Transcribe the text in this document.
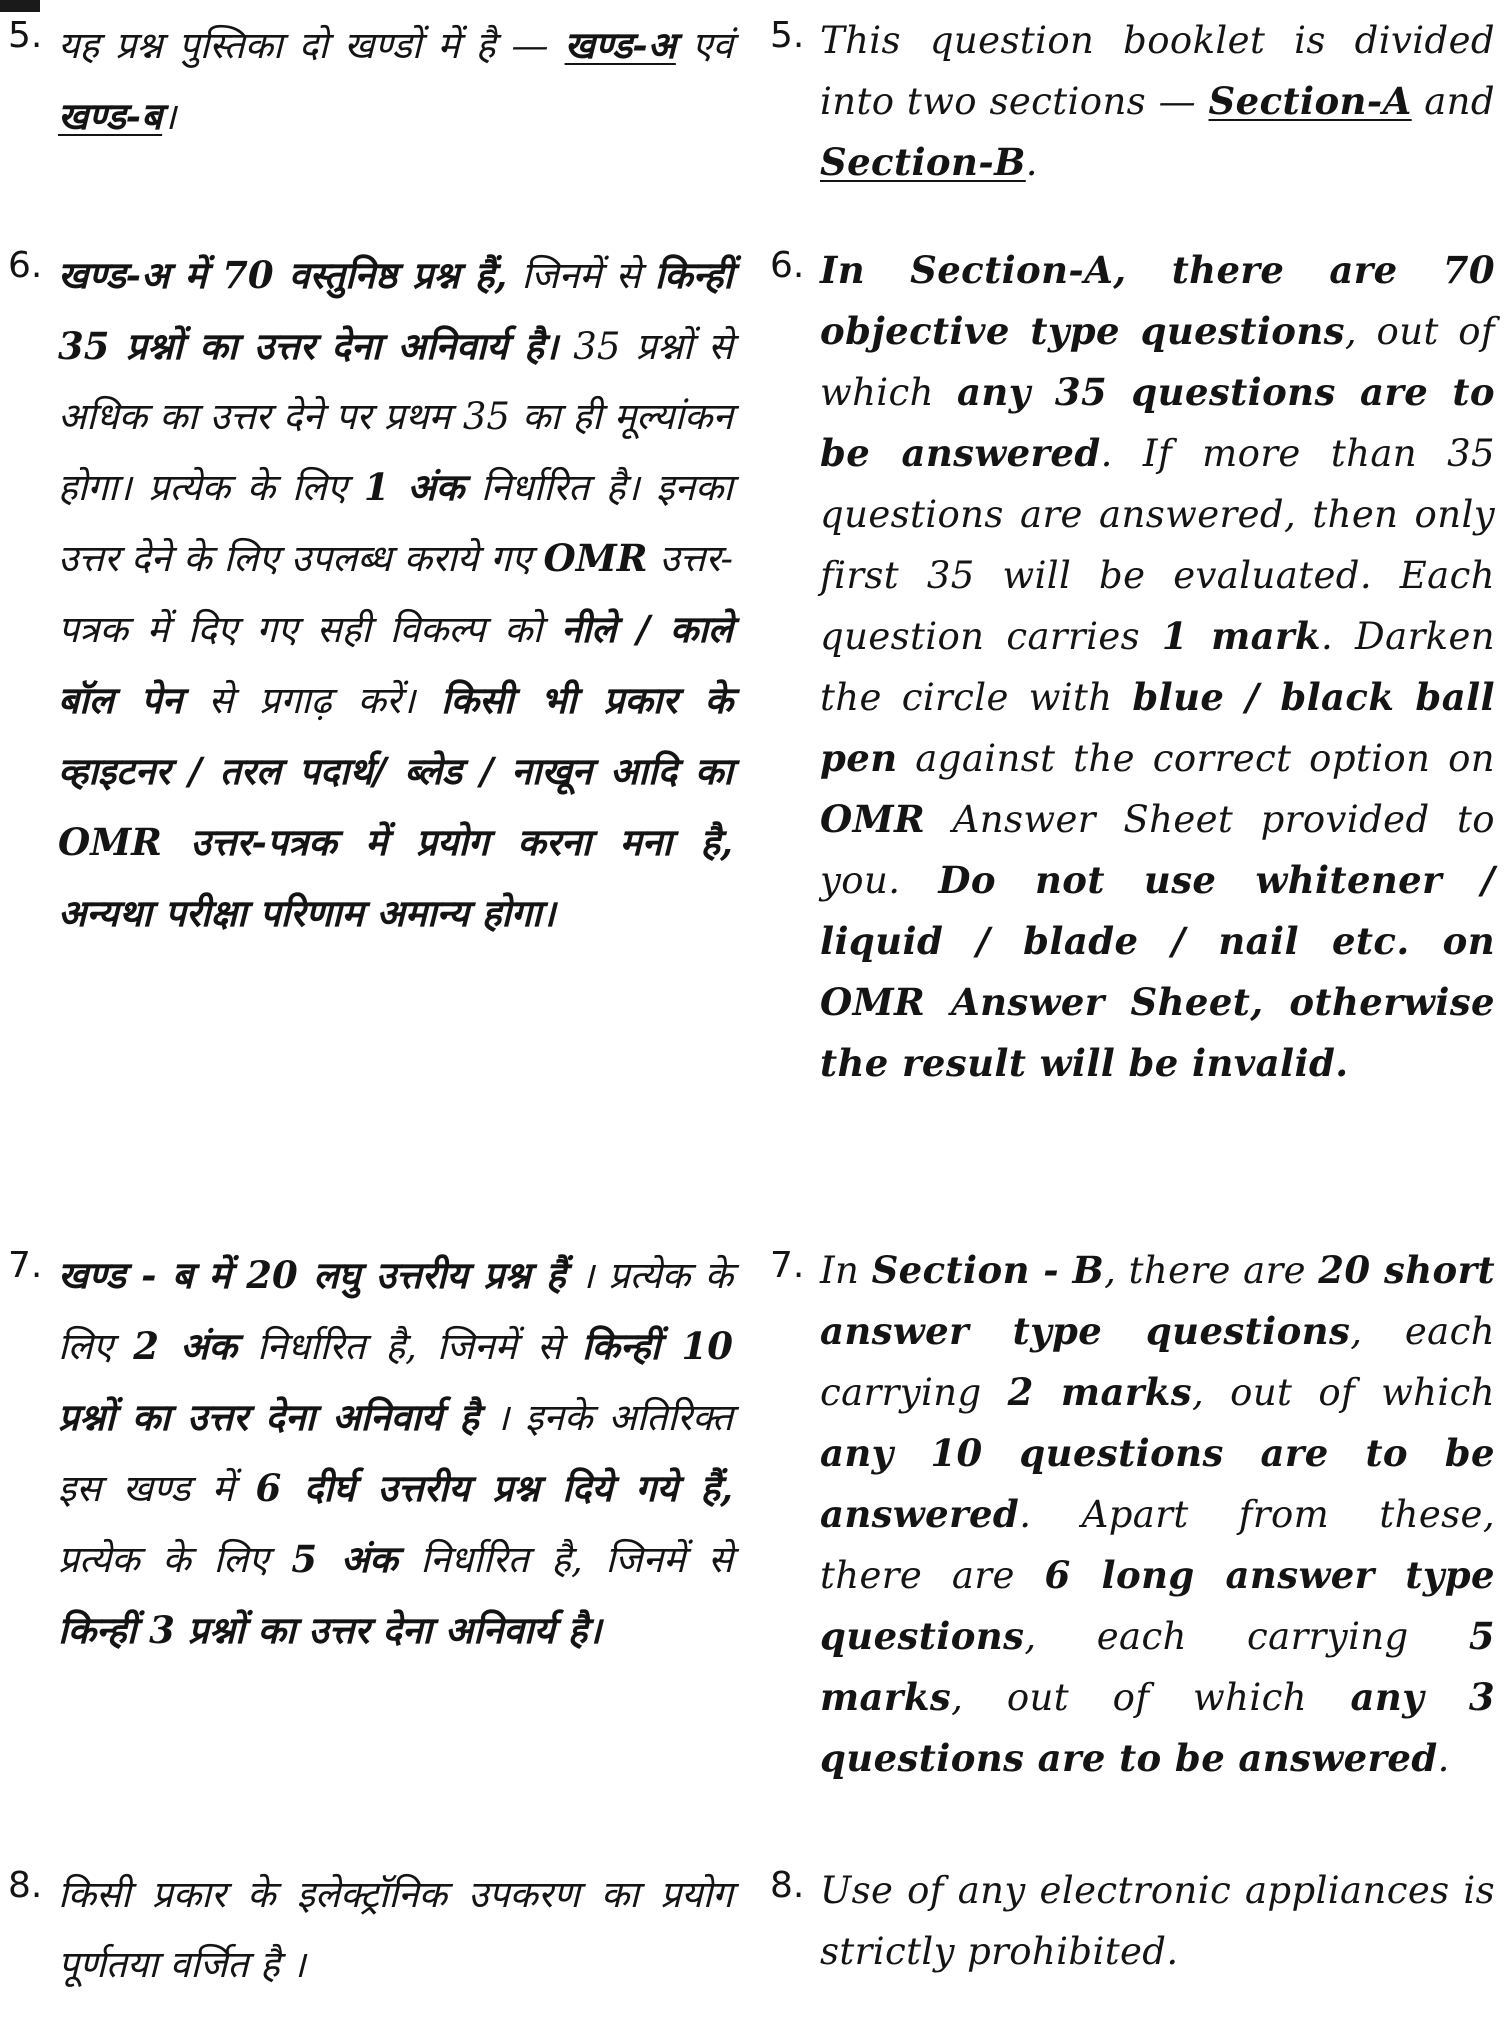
5. यह प्रश्न पुस्तिका दो खण्डों में है — खण्ड-अ एवं खण्ड-ब।

5. This question booklet is divided into two sections — Section-A and Section-B.

6. खण्ड-अ में 70 वस्तुनिष्ठ प्रश्न हैं, जिनमें से किन्हीं 35 प्रश्नों का उत्तर देना अनिवार्य है। 35 प्रश्नों से अधिक का उत्तर देने पर प्रथम 35 का ही मूल्यांकन होगा। प्रत्येक के लिए 1 अंक निर्धारित है। इनका उत्तर देने के लिए उपलब्ध कराये गए OMR उत्तर-पत्रक में दिए गए सही विकल्प को नीले / काले बॉल पेन से प्रगाढ़ करें। किसी भी प्रकार के व्हाइटनर / तरल पदार्थ/ ब्लेड / नाखून आदि का OMR उत्तर-पत्रक में प्रयोग करना मना है, अन्यथा परीक्षा परिणाम अमान्य होगा।

6. In Section-A, there are 70 objective type questions, out of which any 35 questions are to be answered. If more than 35 questions are answered, then only first 35 will be evaluated. Each question carries 1 mark. Darken the circle with blue / black ball pen against the correct option on OMR Answer Sheet provided to you. Do not use whitener / liquid / blade / nail etc. on OMR Answer Sheet, otherwise the result will be invalid.

7. खण्ड - ब में 20 लघु उत्तरीय प्रश्न हैं । प्रत्येक के लिए 2 अंक निर्धारित है, जिनमें से किन्हीं 10 प्रश्नों का उत्तर देना अनिवार्य है । इनके अतिरिक्त इस खण्ड में 6 दीर्घ उत्तरीय प्रश्न दिये गये हैं, प्रत्येक के लिए 5 अंक निर्धारित है, जिनमें से किन्हीं 3 प्रश्नों का उत्तर देना अनिवार्य है।

7. In Section - B, there are 20 short answer type questions, each carrying 2 marks, out of which any 10 questions are to be answered. Apart from these, there are 6 long answer type questions, each carrying 5 marks, out of which any 3 questions are to be answered.

8. किसी प्रकार के इलेक्ट्रॉनिक उपकरण का प्रयोग पूर्णतया वर्जित है ।

8. Use of any electronic appliances is strictly prohibited.
